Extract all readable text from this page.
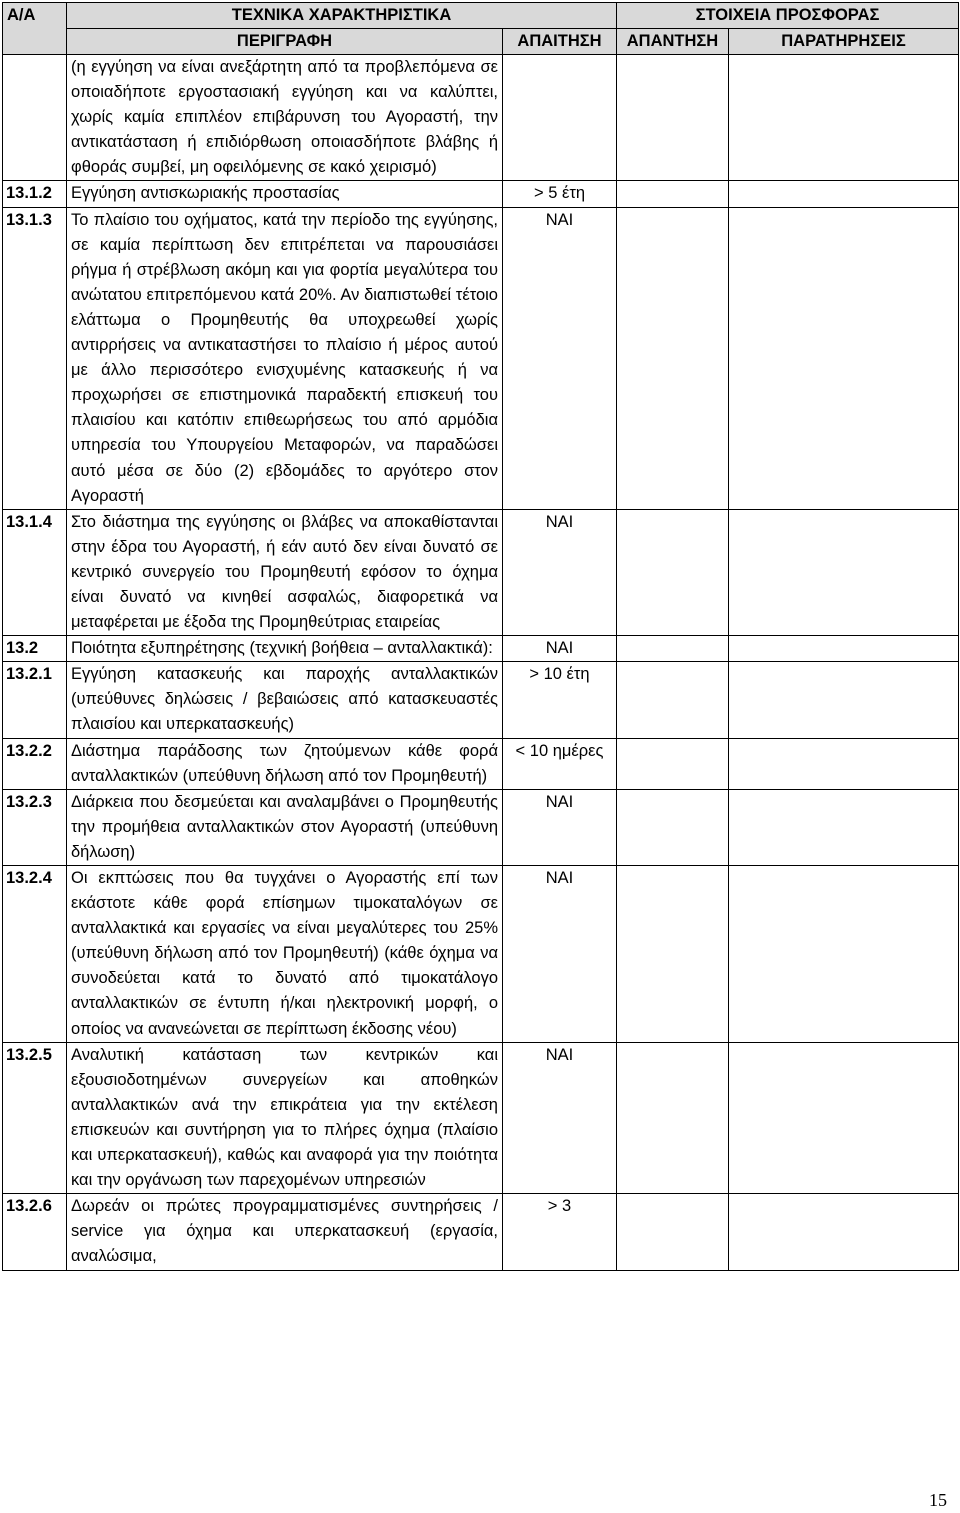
Α/Α	ΤΕΧΝΙΚΑ ΧΑΡΑΚΤΗΡΙΣΤΙΚΑ		ΣΤΟΙΧΕΙΑ ΠΡΟΣΦΟΡΑΣ	
	ΠΕΡΙΓΡΑΦΗ	ΑΠΑΙΤΗΣΗ	ΑΠΑΝΤΗΣΗ	ΠΑΡΑΤΗΡΗΣΕΙΣ
	(η εγγύηση να είναι ανεξάρτητη από τα προβλεπόμενα σε οποιαδήποτε εργοστασιακή εγγύηση και να καλύπτει, χωρίς καμία επιπλέον επιβάρυνση του Αγοραστή, την αντικατάσταση ή επιδιόρθωση οποιασδήποτε βλάβης ή φθοράς συμβεί, μη οφειλόμενης σε κακό χειρισμό)			
13.1.2	Εγγύηση αντισκωριακής προστασίας	> 5 έτη		
13.1.3	Το πλαίσιο του οχήματος, κατά την περίοδο της εγγύησης, σε καμία περίπτωση δεν επιτρέπεται να παρουσιάσει ρήγμα ή στρέβλωση ακόμη και για φορτία μεγαλύτερα του ανώτατου επιτρεπόμενου κατά 20%. Αν διαπιστωθεί τέτοιο ελάττωμα ο Προμηθευτής θα υποχρεωθεί χωρίς αντιρρήσεις να αντικαταστήσει το πλαίσιο ή μέρος αυτού με άλλο περισσότερο ενισχυμένης κατασκευής ή να προχωρήσει σε επιστημονικά παραδεκτή επισκευή του πλαισίου και κατόπιν επιθεωρήσεως του από αρμόδια υπηρεσία του Υπουργείου Μεταφορών, να παραδώσει αυτό μέσα σε δύο (2) εβδομάδες το αργότερο στον Αγοραστή	ΝΑΙ		
13.1.4	Στο διάστημα της εγγύησης οι βλάβες να αποκαθίστανται στην έδρα του Αγοραστή, ή εάν αυτό δεν είναι δυνατό σε κεντρικό συνεργείο του Προμηθευτή εφόσον το όχημα είναι δυνατό να κινηθεί ασφαλώς, διαφορετικά να μεταφέρεται με έξοδα της Προμηθεύτριας εταιρείας	ΝΑΙ		
13.2	Ποιότητα εξυπηρέτησης (τεχνική βοήθεια – ανταλλακτικά):	ΝΑΙ		
13.2.1	Εγγύηση κατασκευής και παροχής ανταλλακτικών (υπεύθυνες δηλώσεις / βεβαιώσεις από κατασκευαστές πλαισίου και υπερκατασκευής)	> 10 έτη		
13.2.2	Διάστημα παράδοσης των ζητούμενων κάθε φορά ανταλλακτικών (υπεύθυνη δήλωση από τον Προμηθευτή)	< 10 ημέρες		
13.2.3	Διάρκεια που δεσμεύεται και αναλαμβάνει ο Προμηθευτής την προμήθεια ανταλλακτικών στον Αγοραστή (υπεύθυνη δήλωση)	ΝΑΙ		
13.2.4	Οι εκπτώσεις που θα τυγχάνει ο Αγοραστής επί των εκάστοτε κάθε φορά επίσημων τιμοκαταλόγων σε ανταλλακτικά και εργασίες να είναι μεγαλύτερες του 25% (υπεύθυνη δήλωση από τον Προμηθευτή) (κάθε όχημα να συνοδεύεται κατά το δυνατό από τιμοκατάλογο ανταλλακτικών σε έντυπη ή/και ηλεκτρονική μορφή, ο οποίος να ανανεώνεται σε περίπτωση έκδοσης νέου)	ΝΑΙ		
13.2.5	Αναλυτική κατάσταση των κεντρικών και εξουσιοδοτημένων συνεργείων και αποθηκών ανταλλακτικών ανά την επικράτεια για την εκτέλεση επισκευών και συντήρηση για το πλήρες όχημα (πλαίσιο και υπερκατασκευή), καθώς και αναφορά για την ποιότητα και την οργάνωση των παρεχομένων υπηρεσιών	ΝΑΙ		
13.2.6	Δωρεάν οι πρώτες προγραμματισμένες συντηρήσεις / service για όχημα και υπερκατασκευή (εργασία, αναλώσιμα,	> 3		
15
